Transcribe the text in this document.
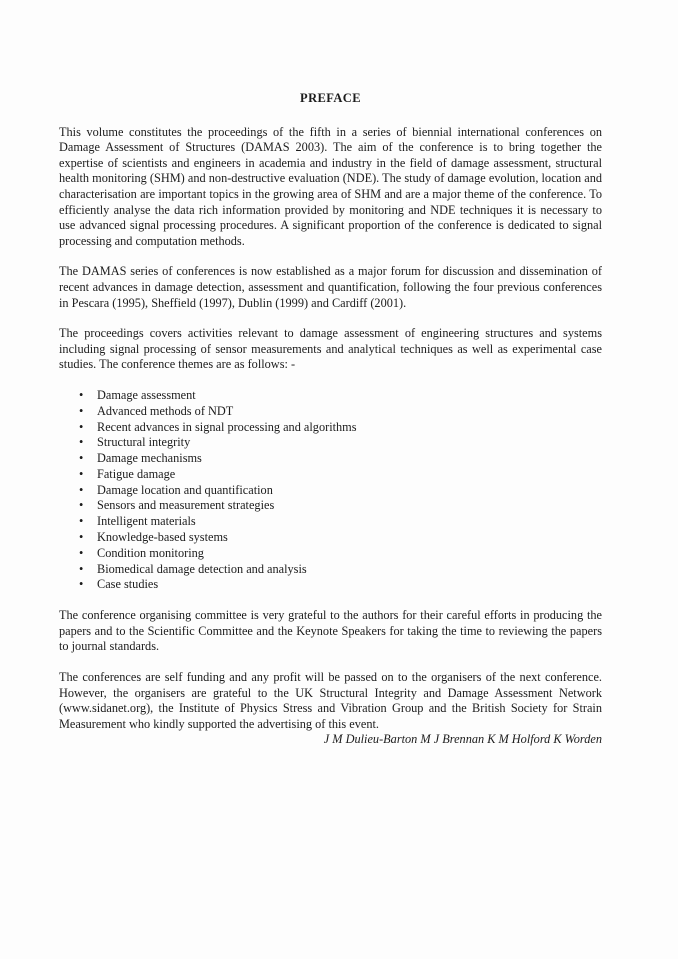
PREFACE

This volume constitutes the proceedings of the fifth in a series of biennial international conferences on Damage Assessment of Structures (DAMAS 2003). The aim of the conference is to bring together the expertise of scientists and engineers in academia and industry in the field of damage assessment, structural health monitoring (SHM) and non-destructive evaluation (NDE). The study of damage evolution, location and characterisation are important topics in the growing area of SHM and are a major theme of the conference. To efficiently analyse the data rich information provided by monitoring and NDE techniques it is necessary to use advanced signal processing procedures. A significant proportion of the conference is dedicated to signal processing and computation methods.

The DAMAS series of conferences is now established as a major forum for discussion and dissemination of recent advances in damage detection, assessment and quantification, following the four previous conferences in Pescara (1995), Sheffield (1997), Dublin (1999) and Cardiff (2001).

The proceedings covers activities relevant to damage assessment of engineering structures and systems including signal processing of sensor measurements and analytical techniques as well as experimental case studies. The conference themes are as follows: -

• Damage assessment
• Advanced methods of NDT
• Recent advances in signal processing and algorithms
• Structural integrity
• Damage mechanisms
• Fatigue damage
• Damage location and quantification
• Sensors and measurement strategies
• Intelligent materials
• Knowledge-based systems
• Condition monitoring
• Biomedical damage detection and analysis
• Case studies

The conference organising committee is very grateful to the authors for their careful efforts in producing the papers and to the Scientific Committee and the Keynote Speakers for taking the time to reviewing the papers to journal standards.

The conferences are self funding and any profit will be passed on to the organisers of the next conference. However, the organisers are grateful to the UK Structural Integrity and Damage Assessment Network (www.sidanet.org), the Institute of Physics Stress and Vibration Group and the British Society for Strain Measurement who kindly supported the advertising of this event.

J M Dulieu-Barton M J Brennan K M Holford K Worden
